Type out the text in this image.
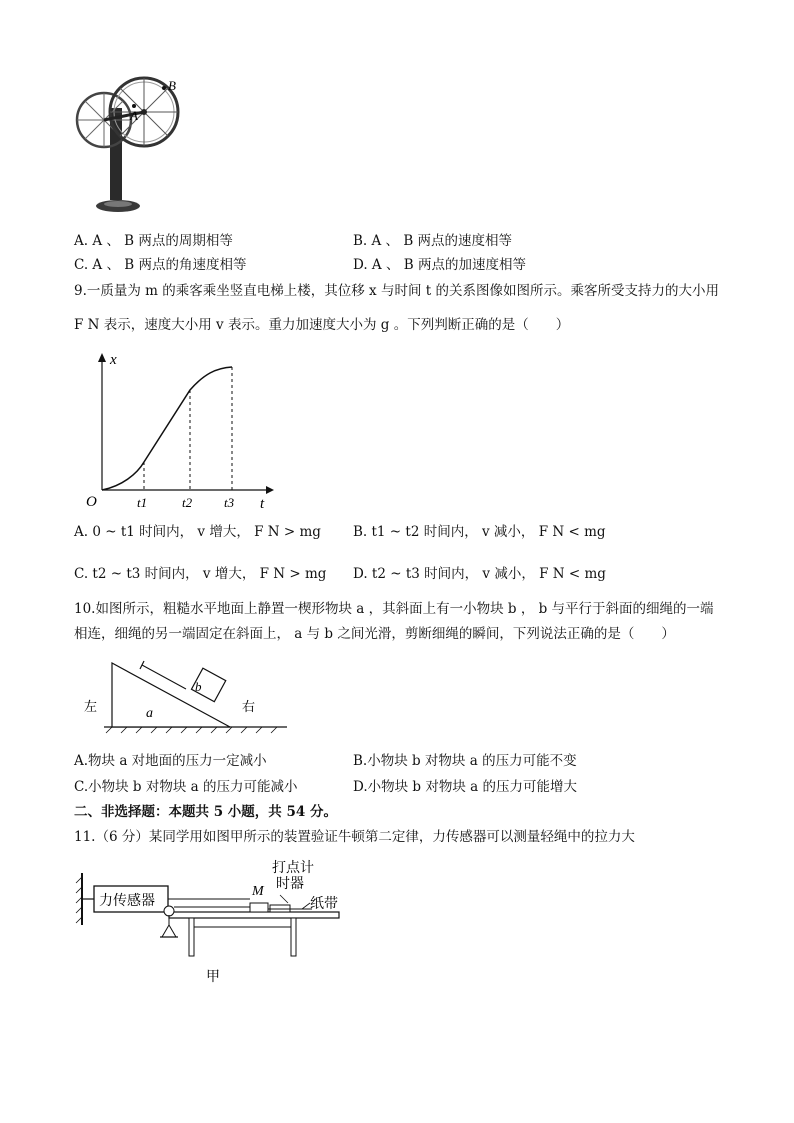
A
B
A. A 、 B 两点的周期相等	B. A 、 B 两点的速度相等
C. A 、 B 两点的角速度相等	D. A 、 B 两点的加速度相等
9.一质量为 m 的乘客乘坐竖直电梯上楼，其位移 x 与时间 t 的关系图像如图所示。乘客所受支持力的大小用
F N 表示，速度大小用 v 表示。重力加速度大小为 g 。下列判断正确的是（　　）
x
t
O	t1	t2 t3
A. 0 ~ t1 时间内， v 增大， F N > mg B. t1 ~ t2 时间内， v 减小， F N < mg
C. t2 ~ t3 时间内， v 增大， F N > mg D. t2 ~ t3 时间内， v 减小， F N < mg
10.如图所示，粗糙水平地面上静置一楔形物块 a ，其斜面上有一小物块 b ， b 与平行于斜面的细绳的一端
相连，细绳的另一端固定在斜面上， a 与 b 之间光滑，剪断细绳的瞬间，下列说法正确的是（　　）
b
a
左	右
A.物块 a 对地面的压力一定减小	B.小物块 b 对物块 a 的压力可能不变
C.小物块 b 对物块 a 的压力可能减小	D.小物块 b 对物块 a 的压力可能增大
二、非选择题：本题共 5 小题，共 54 分。
11.（6 分）某同学用如图甲所示的装置验证牛顿第二定律，力传感器可以测量轻绳中的拉力大
力传感器
打点计
时器
M
纸带
甲
